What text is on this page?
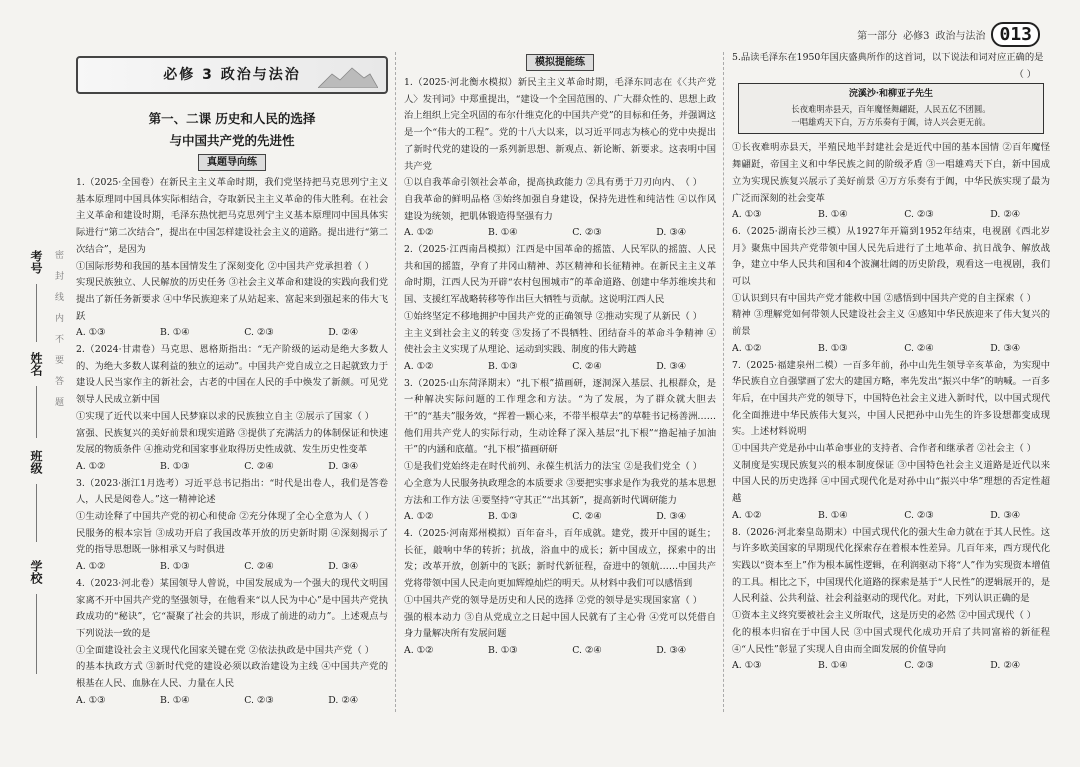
第一部分 必修3 政治与法治 013
考号
姓名
班级
学校
密封线内不要答题
必修 3 政治与法治
第一、二课 历史和人民的选择
与中国共产党的先进性
真题导向练
1.（2025·全国卷）在新民主主义革命时期，我们党坚持把马克思列宁主义基本原理同中国具体实际相结合，夺取新民主主义革命的伟大胜利。在社会主义革命和建设时期，毛泽东热忱把马克思列宁主义基本原理同中国具体实际进行“第二次结合”，提出在中国怎样建设社会主义的道路。提出进行“第二次结合”，是因为
（ ）
①国际形势和我国的基本国情发生了深刻变化 ②中国共产党承担着实现民族独立、人民解放的历史任务 ③社会主义革命和建设的实践向我们党提出了新任务新要求 ④中华民族迎来了从站起来、富起来到强起来的伟大飞跃
A. ①③	B. ①④	C. ②③	D. ②④
2.（2024·甘肃卷）马克思、恩格斯指出：“无产阶级的运动是绝大多数人的、为绝大多数人谋利益的独立的运动”。中国共产党自成立之日起就致力于建设人民当家作主的新社会，古老的中国在人民的手中焕发了新颜。可见党领导人民成立新中国
（ ）
①实现了近代以来中国人民梦寐以求的民族独立自主 ②展示了国家富强、民族复兴的美好前景和现实道路 ③提供了充满活力的体制保证和快速发展的物质条件 ④推动党和国家事业取得历史性成就、发生历史性变革
A. ①②	B. ①③	C. ②④	D. ③④
3.（2023·浙江1月选考）习近平总书记指出：“时代是出卷人，我们是答卷人，人民是阅卷人。”这一精神论述
（ ）
①生动诠释了中国共产党的初心和使命 ②充分体现了全心全意为人民服务的根本宗旨 ③成功开启了我国改革开放的历史新时期 ④深刻揭示了党的指导思想既一脉相承又与时俱进
A. ①②	B. ①③	C. ②④	D. ③④
4.（2023·河北卷）某国领导人曾说，中国发展成为一个强大的现代文明国家离不开中国共产党的坚强领导，在他看来“以人民为中心”是中国共产党执政成功的“秘诀”，它“凝聚了社会的共识，形成了前进的动力”。上述观点与下列说法一致的是
（ ）
①全面建设社会主义现代化国家关键在党 ②依法执政是中国共产党的基本执政方式 ③新时代党的建设必须以政治建设为主线 ④中国共产党的根基在人民、血脉在人民、力量在人民
A. ①③	B. ①④	C. ②③	D. ②④
模拟提能练
1.（2025·河北衡水模拟）新民主主义革命时期，毛泽东同志在《〈共产党人〉发刊词》中郑重提出，“建设一个全国范围的、广大群众性的、思想上政治上组织上完全巩固的布尔什维克化的中国共产党”的目标和任务，并强调这是一个“伟大的工程”。党的十八大以来，以习近平同志为核心的党中央提出了新时代党的建设的一系列新思想、新观点、新论断、新要求。这表明中国共产党
（ ）
①以自我革命引领社会革命，提高执政能力 ②具有勇于刀刃向内、自我革命的鲜明品格 ③始终加强自身建设，保持先进性和纯洁性 ④以作风建设为统领，把肌体锻造得坚强有力
A. ①②	B. ①④	C. ②③	D. ③④
2.（2025·江西南昌模拟）江西是中国革命的摇篮、人民军队的摇篮、人民共和国的摇篮，孕育了井冈山精神、苏区精神和长征精神。在新民主主义革命时期，江西人民为开辟“农村包围城市”的革命道路、创建中华苏维埃共和国、支援红军战略转移等作出巨大牺牲与贡献。这说明江西人民
（ ）
①始终坚定不移地拥护中国共产党的正确领导 ②推动实现了从新民主主义到社会主义的转变 ③发扬了不畏牺牲、团结奋斗的革命斗争精神 ④使社会主义实现了从理论、运动到实践、制度的伟大跨越
A. ①②	B. ①③	C. ②④	D. ③④
3.（2025·山东菏泽期末）“扎下根”描画研，逐洞深入基层、扎根群众，是一种解决实际问题的工作理念和方法。“为了发展，为了群众就大胆去干”的“基夫”服务效，“挥着一颗心来，不带半根草去”的草鞋书记杨善洲……他们用共产党人的实际行动，生动诠释了深入基层“扎下根”“撸起袖子加油干”的内涵和底蕴。“扎下根”描画研研
（ ）
①是我们党始终走在时代前列、永葆生机活力的法宝 ②是我们党全心全意为人民服务执政理念的本质要求 ③要把实事求是作为我党的基本思想方法和工作方法 ④要坚持“守其正”“出其新”，提高新时代调研能力
A. ①②	B. ①③	C. ②④	D. ③④
4.（2025·河南郑州模拟）百年奋斗，百年成就。建党，拨开中国的诞生；长征，敲响中华的转折；抗战，浴血中的成长；新中国成立，探索中的出发；改革开放，创新中的飞跃；新时代新征程，奋进中的领航……中国共产党将带领中国人民走向更加辉煌灿烂的明天。从材料中我们可以感悟到
（ ）
①中国共产党的领导是历史和人民的选择 ②党的领导是实现国家富强的根本动力 ③自从党成立之日起中国人民就有了主心骨 ④党可以凭借自身力量解决所有发展问题
A. ①②	B. ①③	C. ②④	D. ③④
5.品读毛泽东在1950年国庆盛典所作的这首词，以下说法和词对应正确的是
（ ）
浣溪沙·和柳亚子先生
长夜难明赤县天，百年魔怪舞翩跹，人民五亿不团圆。
一唱雄鸡天下白，万方乐奏有于阗，诗人兴会更无前。
①长夜难明赤县天，半殖民地半封建社会是近代中国的基本国情 ②百年魔怪舞翩跹，帝国主义和中华民族之间的阶级矛盾 ③一唱雄鸡天下白，新中国成立为实现民族复兴展示了美好前景 ④万方乐奏有于阗，中华民族实现了最为广泛而深刻的社会变革
A. ①③	B. ①④	C. ②③	D. ②④
6.（2025·湖南长沙三模）从1927年开篇到1952年结束，电视剧《西北岁月》聚焦中国共产党带领中国人民先后进行了土地革命、抗日战争、解放战争，建立中华人民共和国和4个波澜壮阔的历史阶段，观看这一电视剧，我们可以
（ ）
①认识到只有中国共产党才能救中国 ②感悟到中国共产党的自主探索精神 ③理解党如何带领人民建设社会主义 ④感知中华民族迎来了伟大复兴的前景
A. ①②	B. ①③	C. ②④	D. ③④
7.（2025·福建泉州二模）一百多年前，孙中山先生领导辛亥革命，为实现中华民族自立自强擘画了宏大的建国方略，率先发出“振兴中华”的呐喊。一百多年后，在中国共产党的领导下，中国特色社会主义进入新时代，以中国式现代化全面推进中华民族伟大复兴，中国人民把孙中山先生的许多设想都变成现实。上述材料说明
（ ）
①中国共产党是孙中山革命事业的支持者、合作者和继承者 ②社会主义制度是实现民族复兴的根本制度保证 ③中国特色社会主义道路是近代以来中国人民的历史选择 ④中国式现代化是对孙中山“振兴中华”理想的否定性超越
A. ①②	B. ①④	C. ②③	D. ③④
8.（2026·河北秦皇岛期末）中国式现代化的强大生命力就在于其人民性。这与许多欧美国家的早期现代化探索存在着根本性差异。几百年来，西方现代化实践以“资本至上”作为根本属性逻辑，在利润驱动下将“人”作为实现资本增值的工具。相比之下，中国现代化道路的探索是基于“人民性”的逻辑展开的，是人民利益、公共利益、社会利益驱动的现代化。对此，下列认识正确的是
（ ）
①资本主义终究要被社会主义所取代，这是历史的必然 ②中国式现代化的根本归宿在于中国人民 ③中国式现代化成功开启了共同富裕的新征程 ④“人民性”彰显了实现人自由而全面发展的价值导向
A. ①③	B. ①④	C. ②③	D. ②④
